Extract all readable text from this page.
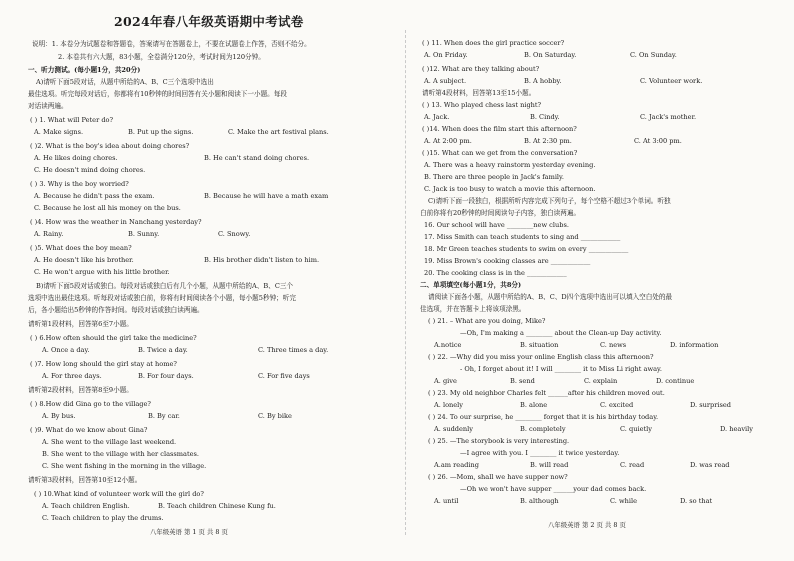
2024年春八年级英语期中考试卷
说明：1. 本卷分为试题卷和答题卷，答案请写在答题卷上，不要在试题卷上作答，否则不给分。
2. 本卷共有六大题，83小题，全卷满分120分，考试时间为120分钟。
一、听力测试。(每小题1分，共20分)
A)请听下面5段对话，从题中所给的A、B、C三个选项中选出
最佳选项。听完每段对话后，你都将有10秒钟的时间回答有关小题和阅读下一小题。每段
对话读两遍。
( ) 1. What will Peter do?
A. Make signs.	B. Put up the signs.	C. Make the art festival plans.
( )2. What is the boy's idea about doing chores?
A. He likes doing chores.	B. He can't stand doing chores.
C. He doesn't mind doing chores.
( ) 3. Why is the boy worried?
A. Because he didn't pass the exam.	B. Because he will have a math exam
C. Because he lost all his money on the bus.
( )4. How was the weather in Nanchang yesterday?
A. Rainy.	B. Sunny.	C. Snowy.
( )5. What does the boy mean?
A. He doesn't like his brother.	B. His brother didn't listen to him.
C. He won't argue with his little brother.
B)请听下面5段对话或独白。每段对话或独白后有几个小题，从题中所给的A、B、C三个
选项中选出最佳选项。听每段对话或独白前，你将有时间阅读各个小题，每小题5秒钟；听完
后，各小题给出5秒钟的作答时间。每段对话或独白读两遍。
请听第1段材料，回答第6至7小题。
( ) 6.How often should the girl take the medicine?
A. Once a day.	B. Twice a day.	C. Three times a day.
( )7. How long should the girl stay at home?
A. For three days.	B. For four days.	C. For five days
请听第2段材料，回答第8至9小题。
( ) 8.How did Gina go to the village?
A. By bus.	B. By car.	C. By bike
( )9. What do we know about Gina?
A. She went to the village last weekend.
B. She went to the village with her classmates.
C. She went fishing in the morning in the village.
请听第3段材料，回答第10至12小题。
( ) 10.What kind of volunteer work will the girl do?
A. Teach children English.	B. Teach children Chinese Kung fu.
C. Teach children to play the drums.
( ) 11. When does the girl practice soccer?
A. On Friday.	B. On Saturday.	C. On Sunday.
( )12. What are they talking about?
A. A subject.	B. A hobby.	C. Volunteer work.
请听第4段材料，回答第13至15小题。
( ) 13. Who played chess last night?
A. Jack.	B. Cindy.	C. Jack's mother.
( )14. When does the film start this afternoon?
A. At 2:00 pm.	B. At 2:30 pm.	C. At 3:00 pm.
( )15. What can we get from the conversation?
A. There was a heavy rainstorm yesterday evening.
B. There are three people in Jack's family.
C. Jack is too busy to watch a movie this afternoon.
C)请听下面一段独白，根据所听内容完成下列句子，每个空格不超过3个单词。听独
白前你将有20秒钟的时间阅读句子内容，独白读两遍。
16. Our school will have ________new clubs.
17. Miss Smith can teach students to sing and ____________
18. Mr Green teaches students to swim on every ____________
19. Miss Brown's cooking classes are ____________
20. The cooking class is in the ____________
二、单项填空(每小题1分，共8分)
请阅读下面各小题，从题中所给的A、B、C、D四个选项中选出可以填入空白处的最
佳选项，并在答题卡上将该项涂黑。
( ) 21. – What are you doing, Mike?
—Oh, I'm making a ________ about the Clean-up Day activity.
A.notice	B. situation	C. news	D. information
( ) 22. —Why did you miss your online English class this afternoon?
- Oh, I forget about it! I will ________ it to Miss Li right away.
A. give	B. send	C. explain	D. continue
( ) 23. My old neighbor Charles felt ______after his children moved out.
A. lonely	B. alone	C. excited	D. surprised
( ) 24. To our surprise, he ________ forget that it is his birthday today.
A. suddenly	B. completely	C. quietly	D. heavily
( ) 25. —The storybook is very interesting.
—I agree with you. I ________ it twice yesterday.
A.am reading	B. will read	C. read	D. was read
( ) 26. —Mom, shall we have supper now?
—Oh we won't have supper ______your dad comes back.
A. until	B. although	C. while	D. so that
八年级英语 第 1 页 共 8 页
八年级英语 第 2 页 共 8 页
